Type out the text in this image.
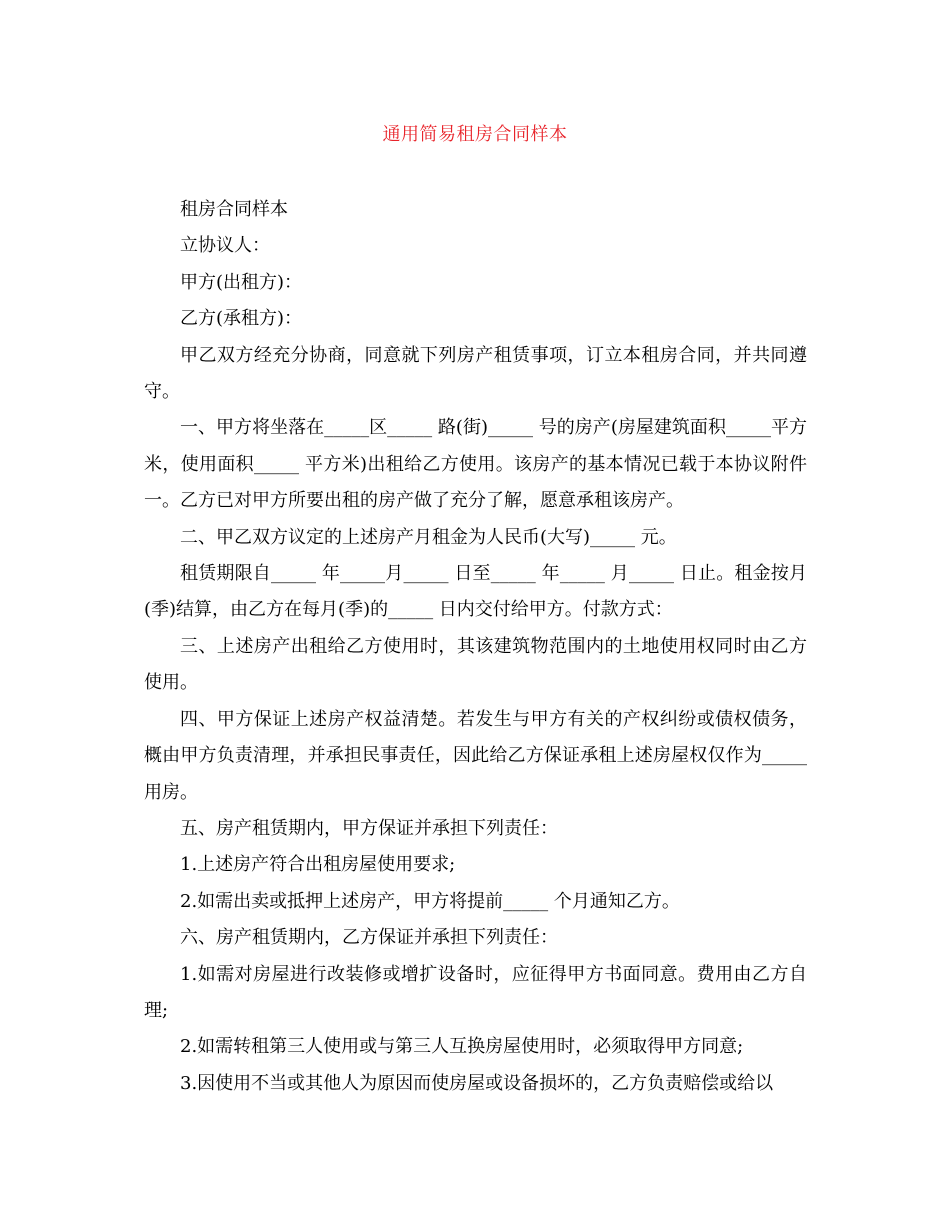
通用简易租房合同样本

租房合同样本

立协议人：

甲方(出租方)：

乙方(承租方)：

甲乙双方经充分协商，同意就下列房产租赁事项，订立本租房合同，并共同遵守。

一、甲方将坐落在_____区_____ 路(街)_____ 号的房产(房屋建筑面积_____平方米，使用面积_____ 平方米)出租给乙方使用。该房产的基本情况已载于本协议附件一。乙方已对甲方所要出租的房产做了充分了解，愿意承租该房产。

二、甲乙双方议定的上述房产月租金为人民币(大写)_____ 元。

租赁期限自_____ 年_____月_____ 日至_____ 年_____ 月_____ 日止。租金按月(季)结算，由乙方在每月(季)的_____ 日内交付给甲方。付款方式：

三、上述房产出租给乙方使用时，其该建筑物范围内的土地使用权同时由乙方使用。

四、甲方保证上述房产权益清楚。若发生与甲方有关的产权纠纷或债权债务，概由甲方负责清理，并承担民事责任，因此给乙方保证承租上述房屋权仅作为_____ 用房。

五、房产租赁期内，甲方保证并承担下列责任：

1.上述房产符合出租房屋使用要求;

2.如需出卖或抵押上述房产，甲方将提前_____ 个月通知乙方。

六、房产租赁期内，乙方保证并承担下列责任：

1.如需对房屋进行改装修或增扩设备时，应征得甲方书面同意。费用由乙方自理;

2.如需转租第三人使用或与第三人互换房屋使用时，必须取得甲方同意;

3.因使用不当或其他人为原因而使房屋或设备损坏的，乙方负责赔偿或给以
